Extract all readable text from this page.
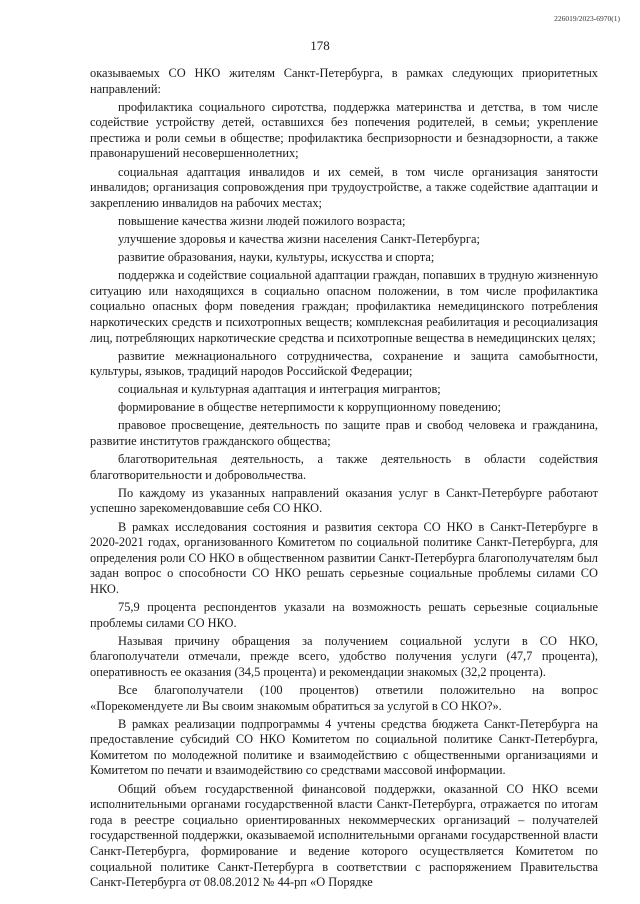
226019/2023-6970(1)
178

оказываемых СО НКО жителям Санкт-Петербурга, в рамках следующих приоритетных направлений:

профилактика социального сиротства, поддержка материнства и детства, в том числе содействие устройству детей, оставшихся без попечения родителей, в семьи; укрепление престижа и роли семьи в обществе; профилактика беспризорности и безнадзорности, а также правонарушений несовершеннолетних;

социальная адаптация инвалидов и их семей, в том числе организация занятости инвалидов; организация сопровождения при трудоустройстве, а также содействие адаптации и закреплению инвалидов на рабочих местах;

повышение качества жизни людей пожилого возраста;

улучшение здоровья и качества жизни населения Санкт-Петербурга;

развитие образования, науки, культуры, искусства и спорта;

поддержка и содействие социальной адаптации граждан, попавших в трудную жизненную ситуацию или находящихся в социально опасном положении, в том числе профилактика социально опасных форм поведения граждан; профилактика немедицинского потребления наркотических средств и психотропных веществ; комплексная реабилитация и ресоциализация лиц, потребляющих наркотические средства и психотропные вещества в немедицинских целях;

развитие межнационального сотрудничества, сохранение и защита самобытности, культуры, языков, традиций народов Российской Федерации;

социальная и культурная адаптация и интеграция мигрантов;

формирование в обществе нетерпимости к коррупционному поведению;

правовое просвещение, деятельность по защите прав и свобод человека и гражданина, развитие институтов гражданского общества;

благотворительная деятельность, а также деятельность в области содействия благотворительности и добровольчества.

По каждому из указанных направлений оказания услуг в Санкт-Петербурге работают успешно зарекомендовавшие себя СО НКО.

В рамках исследования состояния и развития сектора СО НКО в Санкт-Петербурге в 2020-2021 годах, организованного Комитетом по социальной политике Санкт-Петербурга, для определения роли СО НКО в общественном развитии Санкт-Петербурга благополучателям был задан вопрос о способности СО НКО решать серьезные социальные проблемы силами СО НКО.

75,9 процента респондентов указали на возможность решать серьезные социальные проблемы силами СО НКО.

Называя причину обращения за получением социальной услуги в СО НКО, благополучатели отмечали, прежде всего, удобство получения услуги (47,7 процента), оперативность ее оказания (34,5 процента) и рекомендации знакомых (32,2 процента).

Все благополучатели (100 процентов) ответили положительно на вопрос «Порекомендуете ли Вы своим знакомым обратиться за услугой в СО НКО?».

В рамках реализации подпрограммы 4 учтены средства бюджета Санкт-Петербурга на предоставление субсидий СО НКО Комитетом по социальной политике Санкт-Петербурга, Комитетом по молодежной политике и взаимодействию с общественными организациями и Комитетом по печати и взаимодействию со средствами массовой информации.

Общий объем государственной финансовой поддержки, оказанной СО НКО всеми исполнительными органами государственной власти Санкт-Петербурга, отражается по итогам года в реестре социально ориентированных некоммерческих организаций – получателей государственной поддержки, оказываемой исполнительными органами государственной власти Санкт-Петербурга, формирование и ведение которого осуществляется Комитетом по социальной политике Санкт-Петербурга в соответствии с распоряжением Правительства Санкт-Петербурга от 08.08.2012 № 44-рп «О Порядке
